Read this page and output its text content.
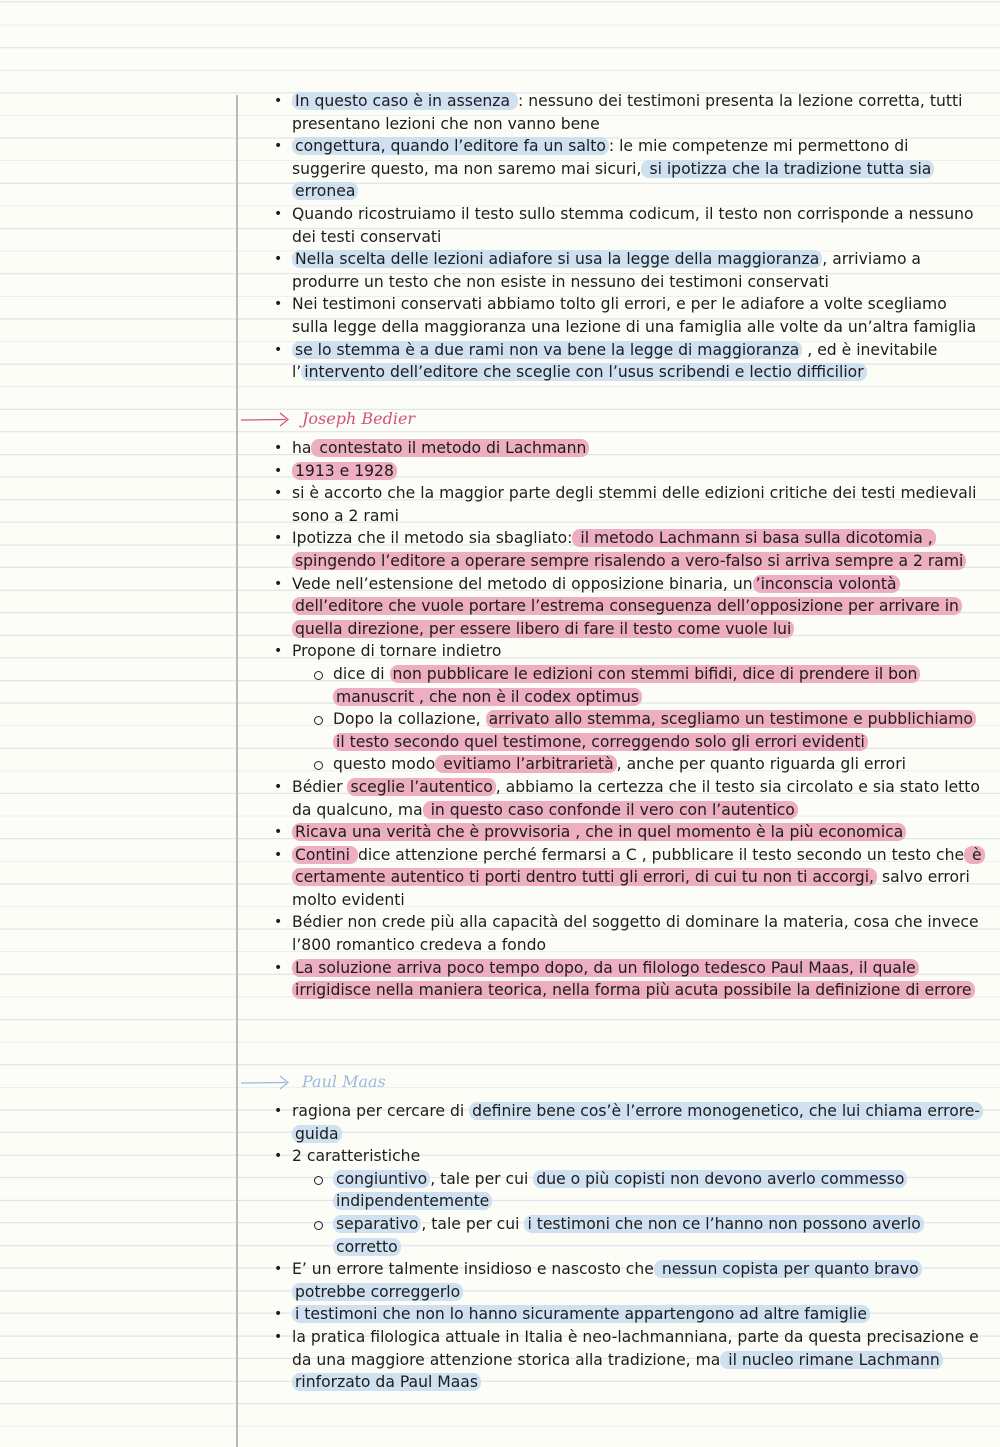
• In questo caso è in assenza : nessuno dei testimoni presenta la lezione corretta, tutti presentano lezioni che non vanno bene
• congettura, quando l’editore fa un salto : le mie competenze mi permettono di suggerire questo, ma non saremo mai sicuri, si ipotizza che la tradizione tutta sia erronea
• Quando ricostruiamo il testo sullo stemma codicum, il testo non corrisponde a nessuno dei testi conservati
• Nella scelta delle lezioni adiafore si usa la legge della maggioranza , arriviamo a produrre un testo che non esiste in nessuno dei testimoni conservati
• Nei testimoni conservati abbiamo tolto gli errori, e per le adiafore a volte scegliamo sulla legge della maggioranza una lezione di una famiglia alle volte da un’altra famiglia
• se lo stemma è a due rami non va bene la legge di maggioranza , ed è inevitabile l’ intervento dell’editore che sceglie con l’usus scribendi e lectio difficilior
Joseph Bedier
• ha contestato il metodo di Lachmann
• 1913 e 1928
• si è accorto che la maggior parte degli stemmi delle edizioni critiche dei testi medievali sono a 2 rami
• Ipotizza che il metodo sia sbagliato: il metodo Lachmann si basa sulla dicotomia , spingendo l’editore a operare sempre risalendo a vero-falso si arriva sempre a 2 rami
• Vede nell’estensione del metodo di opposizione binaria, un ’inconscia volontà dell’editore che vuole portare l’estrema conseguenza dell’opposizione per arrivare in quella direzione, per essere libero di fare il testo come vuole lui
• Propone di tornare indietro
dice di non pubblicare le edizioni con stemmi bifidi, dice di prendere il bon manuscrit , che non è il codex optimus
Dopo la collazione, arrivato allo stemma, scegliamo un testimone e pubblichiamo il testo secondo quel testimone, correggendo solo gli errori evidenti
questo modo evitiamo l’arbitrarietà , anche per quanto riguarda gli errori
• Bédier sceglie l’autentico , abbiamo la certezza che il testo sia circolato e sia stato letto da qualcuno, ma in questo caso confonde il vero con l’autentico
• Ricava una verità che è provvisoria , che in quel momento è la più economica
• Contini dice attenzione perché fermarsi a C , pubblicare il testo secondo un testo che è certamente autentico ti porti dentro tutti gli errori, di cui tu non ti accorgi, salvo errori molto evidenti
• Bédier non crede più alla capacità del soggetto di dominare la materia, cosa che invece l’800 romantico credeva a fondo
• La soluzione arriva poco tempo dopo, da un filologo tedesco Paul Maas, il quale irrigidisce nella maniera teorica, nella forma più acuta possibile la definizione di errore
Paul Maas
• ragiona per cercare di definire bene cos’è l’errore monogenetico, che lui chiama errore-guida
• 2 caratteristiche
congiuntivo , tale per cui due o più copisti non devono averlo commesso indipendentemente
separativo , tale per cui i testimoni che non ce l’hanno non possono averlo corretto
• E’ un errore talmente insidioso e nascosto che nessun copista per quanto bravo potrebbe correggerlo
• i testimoni che non lo hanno sicuramente appartengono ad altre famiglie
• la pratica filologica attuale in Italia è neo-lachmanniana, parte da questa precisazione e da una maggiore attenzione storica alla tradizione, ma il nucleo rimane Lachmann rinforzato da Paul Maas
